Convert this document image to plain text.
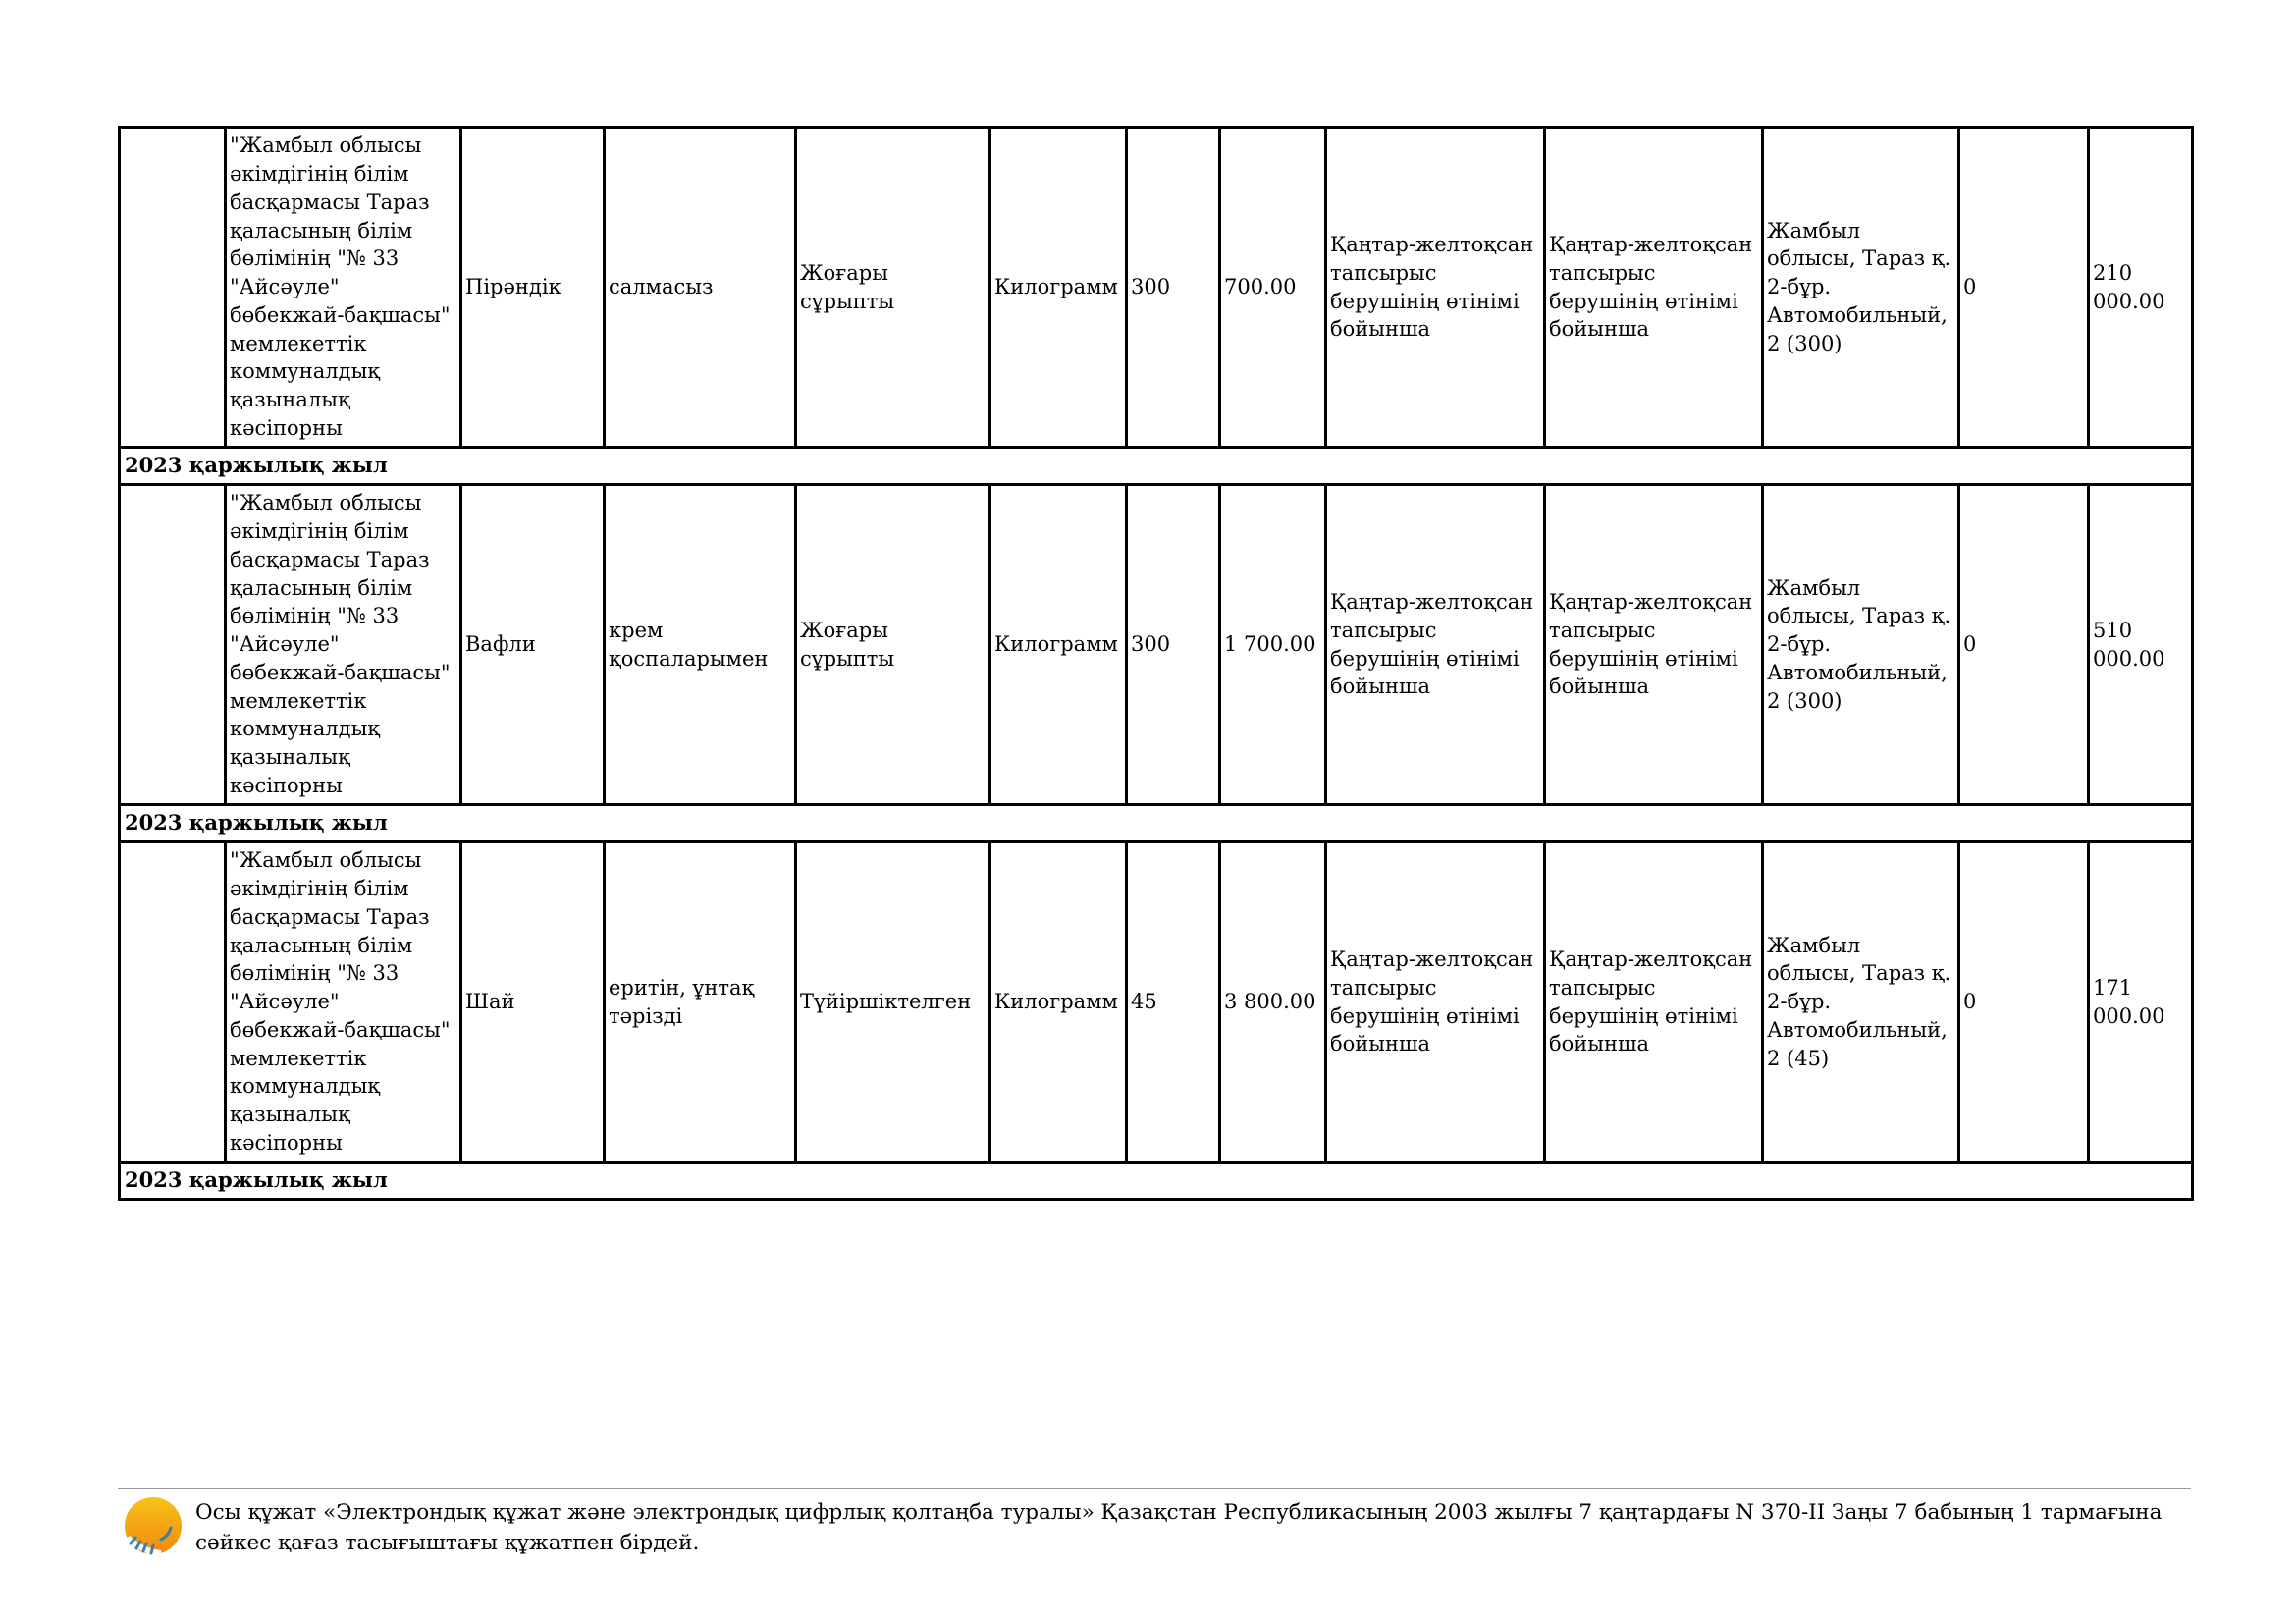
	"Жамбыл облысы әкімдігінің білім басқармасы Тараз қаласының білім бөлімінің "№ 33 "Айсәуле" бөбекжай-бақшасы" мемлекеттік коммуналдық қазыналық кәсіпорны	Пірәндік	салмасыз	Жоғары сұрыпты	Килограмм	300	700.00	Қаңтар-желтоқсан тапсырыс берушінің өтінімі бойынша	Қаңтар-желтоқсан тапсырыс берушінің өтінімі бойынша	Жамбыл облысы, Тараз қ. 2-бұр. Автомобильный, 2 (300)	0	210 000.00
2023 қаржылық жыл												
	"Жамбыл облысы әкімдігінің білім басқармасы Тараз қаласының білім бөлімінің "№ 33 "Айсәуле" бөбекжай-бақшасы" мемлекеттік коммуналдық қазыналық кәсіпорны	Вафли	крем қоспаларымен	Жоғары сұрыпты	Килограмм	300	1 700.00	Қаңтар-желтоқсан тапсырыс берушінің өтінімі бойынша	Қаңтар-желтоқсан тапсырыс берушінің өтінімі бойынша	Жамбыл облысы, Тараз қ. 2-бұр. Автомобильный, 2 (300)	0	510 000.00
2023 қаржылық жыл												
	"Жамбыл облысы әкімдігінің білім басқармасы Тараз қаласының білім бөлімінің "№ 33 "Айсәуле" бөбекжай-бақшасы" мемлекеттік коммуналдық қазыналық кәсіпорны	Шай	еритін, ұнтақ тәрізді	Түйіршіктелген	Килограмм	45	3 800.00	Қаңтар-желтоқсан тапсырыс берушінің өтінімі бойынша	Қаңтар-желтоқсан тапсырыс берушінің өтінімі бойынша	Жамбыл облысы, Тараз қ. 2-бұр. Автомобильный, 2 (45)	0	171 000.00
2023 қаржылық жыл												
Осы құжат «Электрондық құжат және электрондық цифрлық қолтаңба туралы» Қазақстан Республикасының 2003 жылғы 7 қаңтардағы N 370-II Заңы 7 бабының 1 тармағына сәйкес қағаз тасығыштағы құжатпен бірдей.
